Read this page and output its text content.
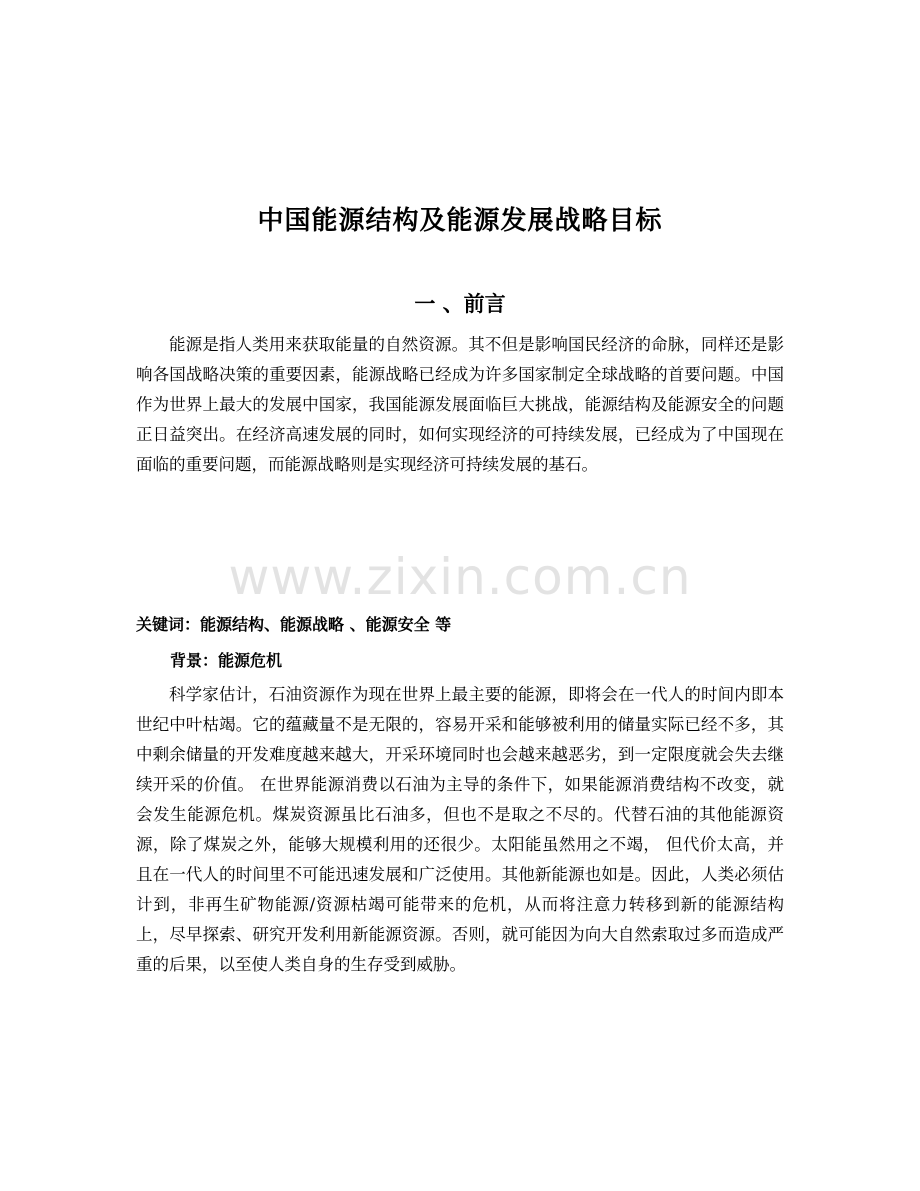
中国能源结构及能源发展战略目标
一 、前言

能源是指人类用来获取能量的自然资源。其不但是影响国民经济的命脉，同样还是影响各国战略决策的重要因素，能源战略已经成为许多国家制定全球战略的首要问题。中国作为世界上最大的发展中国家，我国能源发展面临巨大挑战，能源结构及能源安全的问题正日益突出。在经济高速发展的同时，如何实现经济的可持续发展，已经成为了中国现在面临的重要问题，而能源战略则是实现经济可持续发展的基石。

www.zixin.com.cn

关键词：能源结构、能源战略 、能源安全 等

背景：能源危机

科学家估计，石油资源作为现在世界上最主要的能源，即将会在一代人的时间内即本世纪中叶枯竭。它的蕴藏量不是无限的，容易开采和能够被利用的储量实际已经不多，其中剩余储量的开发难度越来越大，开采环境同时也会越来越恶劣，到一定限度就会失去继续开采的价值。 在世界能源消费以石油为主导的条件下，如果能源消费结构不改变，就会发生能源危机。煤炭资源虽比石油多，但也不是取之不尽的。代替石油的其他能源资源，除了煤炭之外，能够大规模利用的还很少。太阳能虽然用之不竭， 但代价太高，并且在一代人的时间里不可能迅速发展和广泛使用。其他新能源也如是。因此，人类必须估计到，非再生矿物能源/资源枯竭可能带来的危机，从而将注意力转移到新的能源结构上，尽早探索、研究开发利用新能源资源。否则，就可能因为向大自然索取过多而造成严重的后果，以至使人类自身的生存受到威胁。
